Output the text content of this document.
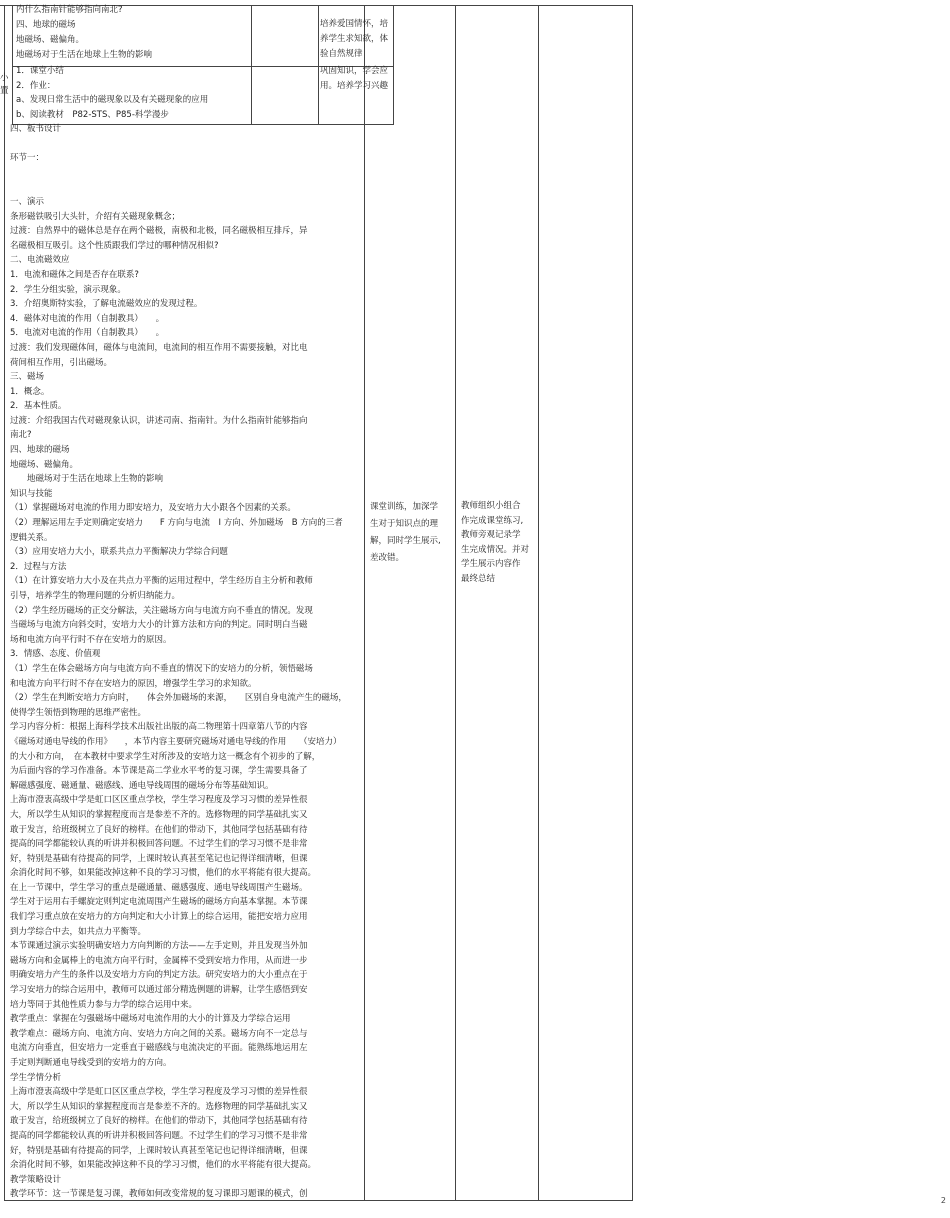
内什么指南针能够指向南北?
四、地球的磁场
地磁场、磁偏角。
地磁场对于生活在地球上生物的影响
培养爱国情怀，培
养学生求知欲，体
验自然规律
小
置
1．课堂小结
2．作业：
a、发现日常生活中的磁现象以及有关磁现象的应用
b、阅读教材　P82-STS、P85-科学漫步
巩固知识，学会应
用。培养学习兴趣
四、板书设计
环节一：
一、演示
条形磁铁吸引大头针，介绍有关磁现象概念；
过渡：自然界中的磁体总是存在两个磁极，南极和北极，同名磁极相互排斥，异
名磁极相互吸引。这个性质跟我们学过的哪种情况相似?
二、电流磁效应
1．电流和磁体之间是否存在联系?
2．学生分组实验，演示现象。
3．介绍奥斯特实验，了解电流磁效应的发现过程。
4．磁体对电流的作用（自制教具）　　。
5．电流对电流的作用（自制教具）　　。
过渡：我们发现磁体间，磁体与电流间，电流间的相互作用不需要接触，对比电
荷间相互作用，引出磁场。
三、磁场
1．概念。
2．基本性质。
过渡：介绍我国古代对磁现象认识，讲述司南、指南针。为什么指南针能够指向
南北?
四、地球的磁场
地磁场、磁偏角。
　　地磁场对于生活在地球上生物的影响
知识与技能
（1）掌握磁场对电流的作用力即安培力，及安培力大小跟各个因素的关系。
（2）理解运用左手定则确定安培力　　F 方向与电流　I 方向、外加磁场　B 方向的三者
逻辑关系。
（3）应用安培力大小，联系共点力平衡解决力学综合问题
2．过程与方法
（1）在计算安培力大小及在共点力平衡的运用过程中，学生经历自主分析和教师
引导，培养学生的物理问题的分析归纳能力。
（2）学生经历磁场的正交分解法，关注磁场方向与电流方向不垂直的情况。发现
当磁场与电流方向斜交时，安培力大小的计算方法和方向的判定。同时明白当磁
场和电流方向平行时不存在安培力的原因。
3．情感、态度、价值观
（1）学生在体会磁场方向与电流方向不垂直的情况下的安培力的分析，领悟磁场
和电流方向平行时不存在安培力的原因，增强学生学习的求知欲。
（2）学生在判断安培力方向时，　　体会外加磁场的来源，　　区别自身电流产生的磁场，
使得学生领悟到物理的思维严密性。
学习内容分析：根据上海科学技术出版社出版的高二物理第十四章第八节的内容
《磁场对通电导线的作用》　　，本节内容主要研究磁场对通电导线的作用　　（安培力）
的大小和方向，　在本教材中要求学生对所涉及的安培力这一概念有个初步的了解，
为后面内容的学习作准备。本节课是高二学业水平考的复习课，学生需要具备了
解磁感强度、磁通量、磁感线、通电导线周围的磁场分布等基础知识。
上海市澄衷高级中学是虹口区区重点学校，学生学习程度及学习习惯的差异性很
大，所以学生从知识的掌握程度而言是参差不齐的。选修物理的同学基础扎实又
敢于发言，给班级树立了良好的榜样。在他们的带动下，其他同学包括基础有待
提高的同学都能较认真的听讲并积极回答问题。不过学生们的学习习惯不是非常
好，特别是基础有待提高的同学，上课时较认真甚至笔记也记得详细清晰，但课
余消化时间不够，如果能改掉这种不良的学习习惯，他们的水平将能有很大提高。
在上一节课中，学生学习的重点是磁通量、磁感强度、通电导线周围产生磁场。
学生对于运用右手螺旋定则判定电流周围产生磁场的磁场方向基本掌握。本节课
我们学习重点放在安培力的方向判定和大小计算上的综合运用，能把安培力应用
到力学综合中去，如共点力平衡等。
本节课通过演示实验明确安培力方向判断的方法——左手定则，并且发现当外加
磁场方向和金属棒上的电流方向平行时，金属棒不受到安培力作用，从而进一步
明确安培力产生的条件以及安培力方向的判定方法。研究安培力的大小重点在于
学习安培力的综合运用中，教师可以通过部分精选例题的讲解，让学生感悟到安
培力等同于其他性质力参与力学的综合运用中来。
教学重点：掌握在匀强磁场中磁场对电流作用的大小的计算及力学综合运用
教学难点：磁场方向、电流方向、安培力方向之间的关系。磁场方向不一定总与
电流方向垂直，但安培力一定垂直于磁感线与电流决定的平面。能熟练地运用左
手定则判断通电导线受到的安培力的方向。
学生学情分析
上海市澄衷高级中学是虹口区区重点学校，学生学习程度及学习习惯的差异性很
大，所以学生从知识的掌握程度而言是参差不齐的。选修物理的同学基础扎实又
敢于发言，给班级树立了良好的榜样。在他们的带动下，其他同学包括基础有待
提高的同学都能较认真的听讲并积极回答问题。不过学生们的学习习惯不是非常
好，特别是基础有待提高的同学，上课时较认真甚至笔记也记得详细清晰，但课
余消化时间不够，如果能改掉这种不良的学习习惯，他们的水平将能有很大提高。
教学策略设计
教学环节：这一节课是复习课，教师如何改变常规的复习课即习题课的模式，创
课堂训练，加深学
生对于知识点的理
解，同时学生展示,
差改错。
教师组织小组合
作完成课堂练习,
教师旁观记录学
生完成情况。并对
学生展示内容作
最终总结
2
